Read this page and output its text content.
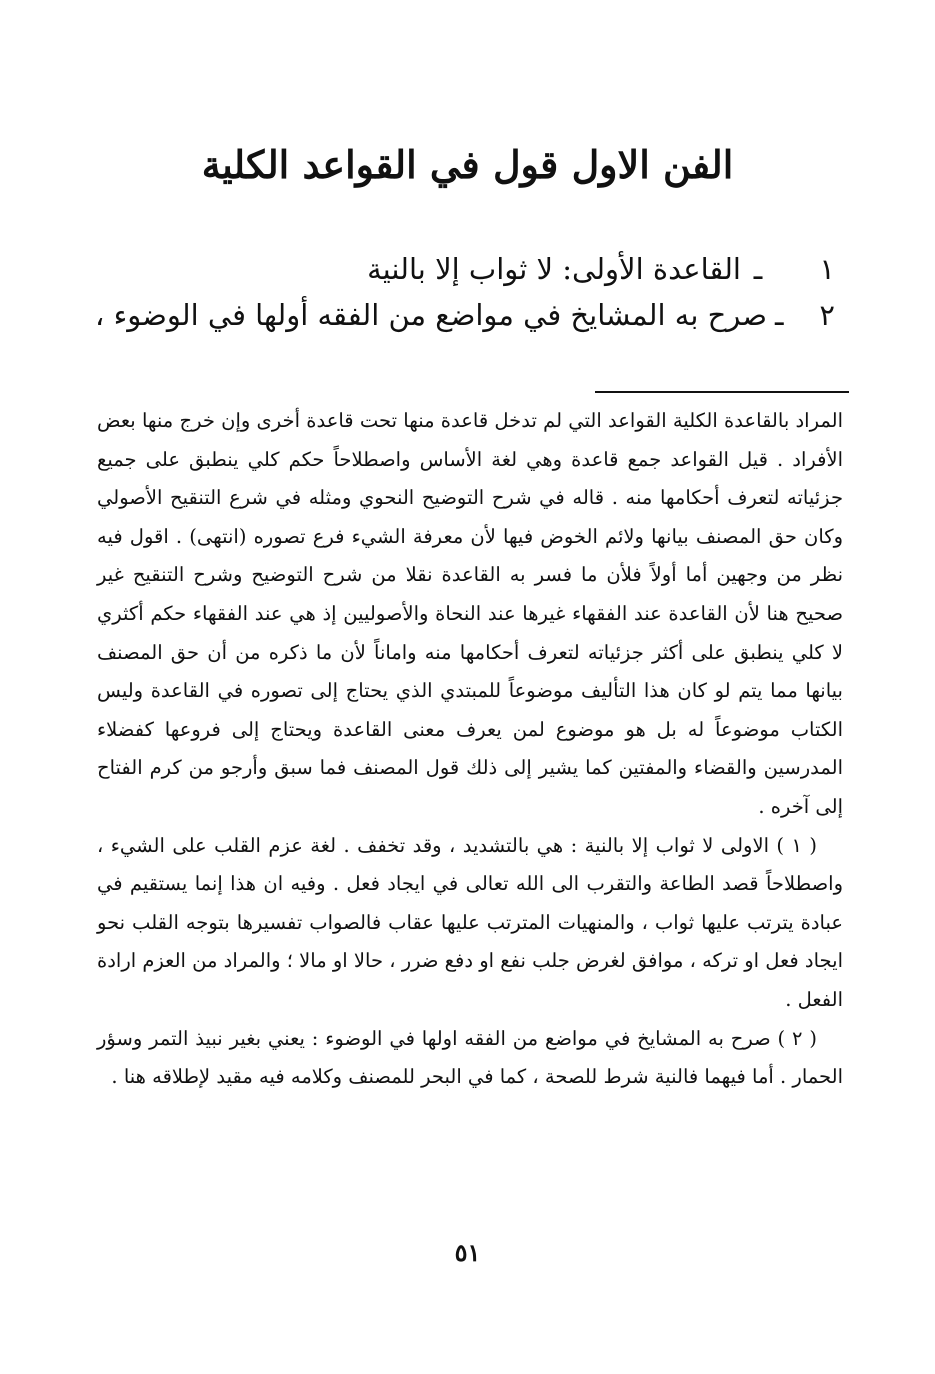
الفن الاول قول في القواعد الكلية
١
ـ
القاعدة الأولى: لا ثواب إلا بالنية
٢
ـ
صرح به المشايخ في مواضع من الفقه أولها في الوضوء ،

المراد بالقاعدة الكلية القواعد التي لم تدخل قاعدة منها تحت قاعدة أخرى وإن خرج منها بعض الأفراد . قيل القواعد جمع قاعدة وهي لغة الأساس واصطلاحاً حكم كلي ينطبق على جميع جزئياته لتعرف أحكامها منه . قاله في شرح التوضيح النحوي ومثله في شرع التنقيح الأصولي وكان حق المصنف بيانها ولائم الخوض فيها لأن معرفة الشيء فرع تصوره (انتهى) . اقول فيه نظر من وجهين أما أولاً فلأن ما فسر به القاعدة نقلا من شرح التوضيح وشرح التنقيح غير صحيح هنا لأن القاعدة عند الفقهاء غيرها عند النحاة والأصوليين إذ هي عند الفقهاء حكم أكثري لا كلي ينطبق على أكثر جزئياته لتعرف أحكامها منه واماناً لأن ما ذكره من أن حق المصنف بيانها مما يتم لو كان هذا التأليف موضوعاً للمبتدي الذي يحتاج إلى تصوره في القاعدة وليس الكتاب موضوعاً له بل هو موضوع لمن يعرف معنى القاعدة ويحتاج إلى فروعها كفضلاء المدرسين والقضاء والمفتين كما يشير إلى ذلك قول المصنف فما سبق وأرجو من كرم الفتاح إلى آخره .

( ١ ) الاولى لا ثواب إلا بالنية : هي بالتشديد ، وقد تخفف . لغة عزم القلب على الشيء ، واصطلاحاً قصد الطاعة والتقرب الى الله تعالى في ايجاد فعل . وفيه ان هذا إنما يستقيم في عبادة يترتب عليها ثواب ، والمنهيات المترتب عليها عقاب فالصواب تفسيرها بتوجه القلب نحو ايجاد فعل او تركه ، موافق لغرض جلب نفع او دفع ضرر ، حالا او مالا ؛ والمراد من العزم ارادة الفعل .

( ٢ ) صرح به المشايخ في مواضع من الفقه اولها في الوضوء : يعني بغير نبيذ التمر وسؤر الحمار . أما فيهما فالنية شرط للصحة ، كما في البحر للمصنف وكلامه فيه مقيد لإطلاقه هنا .

٥١
